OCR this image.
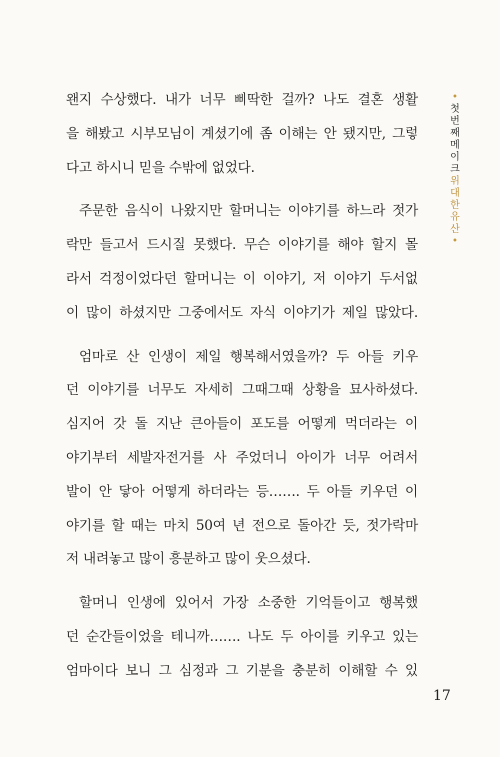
왠지 수상했다. 내가 너무 삐딱한 걸까? 나도 결혼 생활
을 해봤고 시부모님이 계셨기에 좀 이해는 안 됐지만, 그렇
다고 하시니 믿을 수밖에 없었다.
주문한 음식이 나왔지만 할머니는 이야기를 하느라 젓가
락만 들고서 드시질 못했다. 무슨 이야기를 해야 할지 몰
라서 걱정이었다던 할머니는 이 이야기, 저 이야기 두서없
이 많이 하셨지만 그중에서도 자식 이야기가 제일 많았다.
엄마로 산 인생이 제일 행복해서였을까? 두 아들 키우
던 이야기를 너무도 자세히 그때그때 상황을 묘사하셨다.
심지어 갓 돌 지난 큰아들이 포도를 어떻게 먹더라는 이
야기부터 세발자전거를 사 주었더니 아이가 너무 어려서
발이 안 닿아 어떻게 하더라는 등……. 두 아들 키우던 이
야기를 할 때는 마치 50여 년 전으로 돌아간 듯, 젓가락마
저 내려놓고 많이 흥분하고 많이 웃으셨다.
할머니 인생에 있어서 가장 소중한 기억들이고 행복했
던 순간들이었을 테니까……. 나도 두 아이를 키우고 있는
엄마이다 보니 그 심정과 그 기분을 충분히 이해할 수 있
•
첫번째메이크
위대한유산
•
17
